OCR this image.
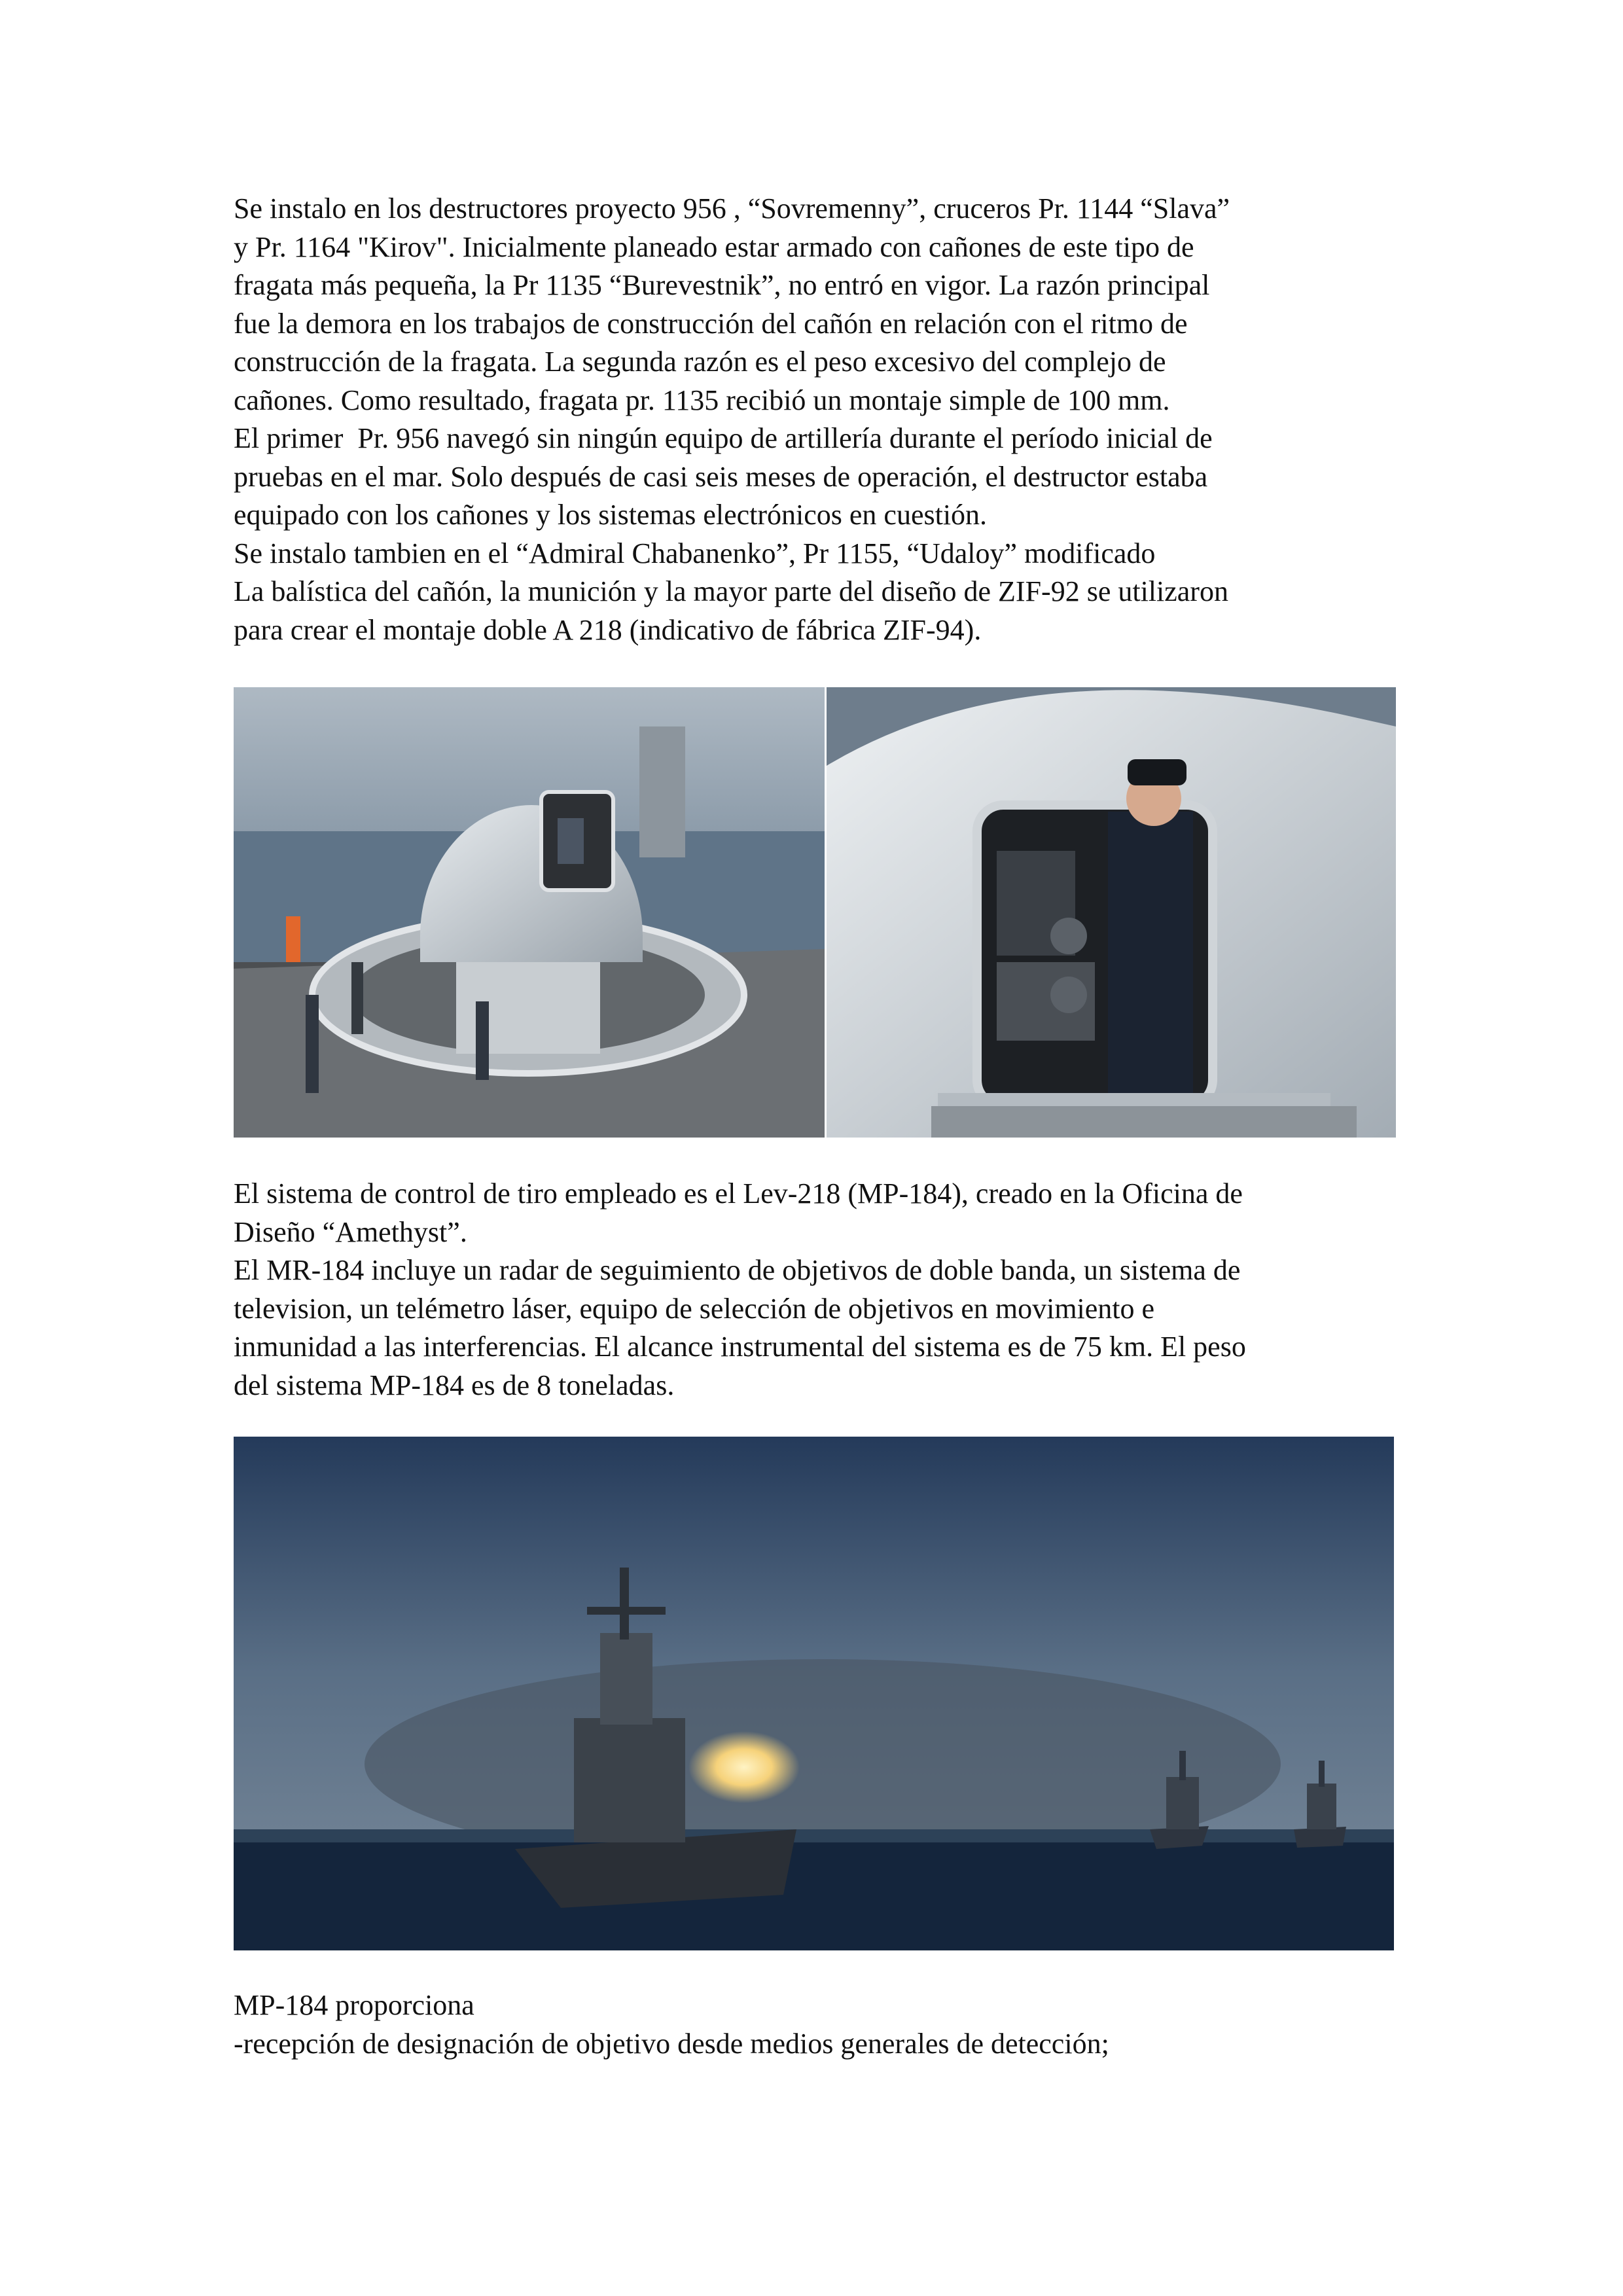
Se instalo en los destructores proyecto 956 , “Sovremenny”, cruceros Pr. 1144 “Slava”
y Pr. 1164 "Kirov". Inicialmente planeado estar armado con cañones de este tipo de
fragata más pequeña, la Pr 1135 “Burevestnik”, no entró en vigor. La razón principal
fue la demora en los trabajos de construcción del cañón en relación con el ritmo de
construcción de la fragata. La segunda razón es el peso excesivo del complejo de
cañones. Como resultado, fragata pr. 1135 recibió un montaje simple de 100 mm.
El primer  Pr. 956 navegó sin ningún equipo de artillería durante el período inicial de
pruebas en el mar. Solo después de casi seis meses de operación, el destructor estaba
equipado con los cañones y los sistemas electrónicos en cuestión.
Se instalo tambien en el “Admiral Chabanenko”, Pr 1155, “Udaloy” modificado
La balística del cañón, la munición y la mayor parte del diseño de ZIF-92 se utilizaron
para crear el montaje doble A 218 (indicativo de fábrica ZIF-94).
El sistema de control de tiro empleado es el Lev-218 (MP-184), creado en la Oficina de
Diseño “Amethyst”.
El MR-184 incluye un radar de seguimiento de objetivos de doble banda, un sistema de
television, un telémetro láser, equipo de selección de objetivos en movimiento e
inmunidad a las interferencias. El alcance instrumental del sistema es de 75 km. El peso
del sistema MP-184 es de 8 toneladas.
MP-184 proporciona
-recepción de designación de objetivo desde medios generales de detección;
